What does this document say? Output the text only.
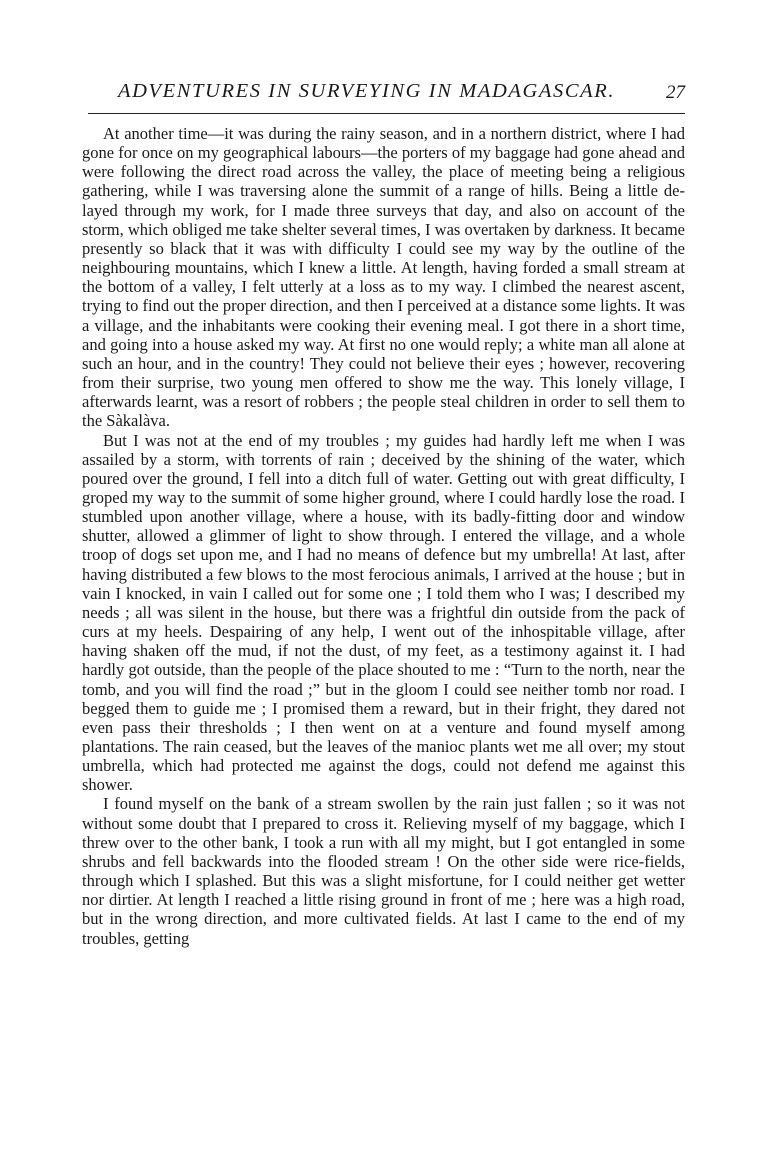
ADVENTURES IN SURVEYING IN MADAGASCAR.	27

At another time—it was during the rainy season, and in a northern district, where I had gone for once on my geographical labours—the porters of my baggage had gone ahead and were following the direct road across the valley, the place of meeting being a religious gathering, while I was traversing alone the summit of a range of hills. Being a little delayed through my work, for I made three surveys that day, and also on account of the storm, which obliged me take shelter several times, I was overtaken by darkness. It became presently so black that it was with difficulty I could see my way by the outline of the neighbouring mountains, which I knew a little. At length, having forded a small stream at the bottom of a valley, I felt utterly at a loss as to my way. I climbed the nearest ascent, trying to find out the proper direction, and then I perceived at a distance some lights. It was a village, and the inhabitants were cooking their evening meal. I got there in a short time, and going into a house asked my way. At first no one would reply; a white man all alone at such an hour, and in the country! They could not believe their eyes ; however, recovering from their surprise, two young men offered to show me the way. This lonely village, I afterwards learnt, was a resort of robbers ; the people steal children in order to sell them to the Sàkalàva.

But I was not at the end of my troubles ; my guides had hardly left me when I was assailed by a storm, with torrents of rain ; deceived by the shining of the water, which poured over the ground, I fell into a ditch full of water. Getting out with great difficulty, I groped my way to the summit of some higher ground, where I could hardly lose the road. I stumbled upon another village, where a house, with its badly-fitting door and window shutter, allowed a glimmer of light to show through. I entered the village, and a whole troop of dogs set upon me, and I had no means of defence but my umbrella! At last, after having distributed a few blows to the most ferocious animals, I arrived at the house ; but in vain I knocked, in vain I called out for some one ; I told them who I was; I described my needs ; all was silent in the house, but there was a frightful din outside from the pack of curs at my heels. Despairing of any help, I went out of the inhospitable village, after having shaken off the mud, if not the dust, of my feet, as a testimony against it. I had hardly got outside, than the people of the place shouted to me : “Turn to the north, near the tomb, and you will find the road ;” but in the gloom I could see neither tomb nor road. I begged them to guide me ; I promised them a reward, but in their fright, they dared not even pass their thresholds ; I then went on at a venture and found myself among plantations. The rain ceased, but the leaves of the manioc plants wet me all over; my stout umbrella, which had protected me against the dogs, could not defend me against this shower.

I found myself on the bank of a stream swollen by the rain just fallen ; so it was not without some doubt that I prepared to cross it. Relieving myself of my baggage, which I threw over to the other bank, I took a run with all my might, but I got entangled in some shrubs and fell backwards into the flooded stream ! On the other side were rice-fields, through which I splashed. But this was a slight misfortune, for I could neither get wetter nor dirtier. At length I reached a little rising ground in front of me ; here was a high road, but in the wrong direction, and more cultivated fields. At last I came to the end of my troubles, getting
